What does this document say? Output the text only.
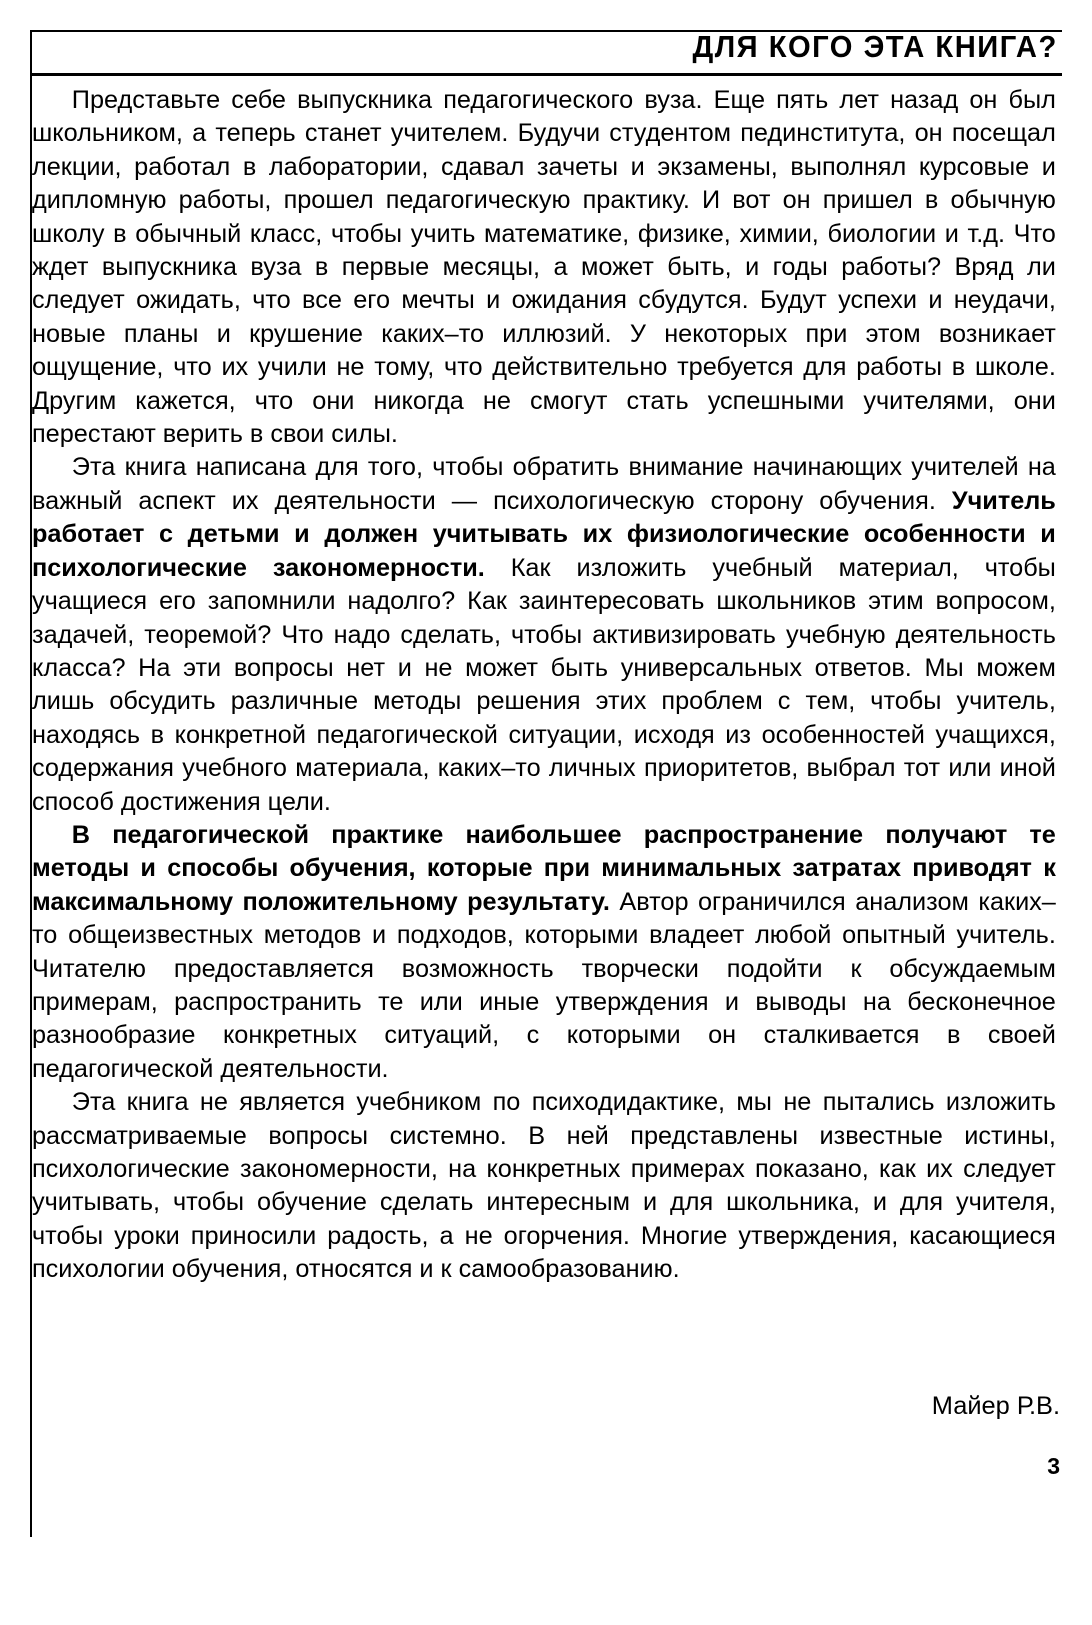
ДЛЯ КОГО ЭТА КНИГА?

Представьте себе выпускника педагогического вуза. Еще пять лет назад он был школьником, а теперь станет учителем. Будучи студентом пединститута, он посещал лекции, работал в лаборатории, сдавал зачеты и экзамены, выполнял курсовые и дипломную работы, прошел педагогическую практику. И вот он пришел в обычную школу в обычный класс, чтобы учить математике, физике, химии, биологии и т.д. Что ждет выпускника вуза в первые месяцы, а может быть, и годы работы? Вряд ли следует ожидать, что все его мечты и ожидания сбудутся. Будут успехи и неудачи, новые планы и крушение каких–то иллюзий. У некоторых при этом возникает ощущение, что их учили не тому, что действительно требуется для работы в школе. Другим кажется, что они никогда не смогут стать успешными учителями, они перестают верить в свои силы.

Эта книга написана для того, чтобы обратить внимание начинающих учителей на важный аспект их деятельности — психологическую сторону обучения. Учитель работает с детьми и должен учитывать их физиологические особенности и психологические закономерности. Как изложить учебный материал, чтобы учащиеся его запомнили надолго? Как заинтересовать школьников этим вопросом, задачей, теоремой? Что надо сделать, чтобы активизировать учебную деятельность класса? На эти вопросы нет и не может быть универсальных ответов. Мы можем лишь обсудить различные методы решения этих проблем с тем, чтобы учитель, находясь в конкретной педагогической ситуации, исходя из особенностей учащихся, содержания учебного материала, каких–то личных приоритетов, выбрал тот или иной способ достижения цели.

В педагогической практике наибольшее распространение получают те методы и способы обучения, которые при минимальных затратах приводят к максимальному положительному результату. Автор ограничился анализом каких–то общеизвестных методов и подходов, которыми владеет любой опытный учитель. Читателю предоставляется возможность творчески подойти к обсуждаемым примерам, распространить те или иные утверждения и выводы на бесконечное разнообразие конкретных ситуаций, с которыми он сталкивается в своей педагогической деятельности.

Эта книга не является учебником по психодидактике, мы не пытались изложить рассматриваемые вопросы системно. В ней представлены известные истины, психологические закономерности, на конкретных примерах показано, как их следует учитывать, чтобы обучение сделать интересным и для школьника, и для учителя, чтобы уроки приносили радость, а не огорчения. Многие утверждения, касающиеся психологии обучения, относятся и к самообразованию.

Майер Р.В.
3
